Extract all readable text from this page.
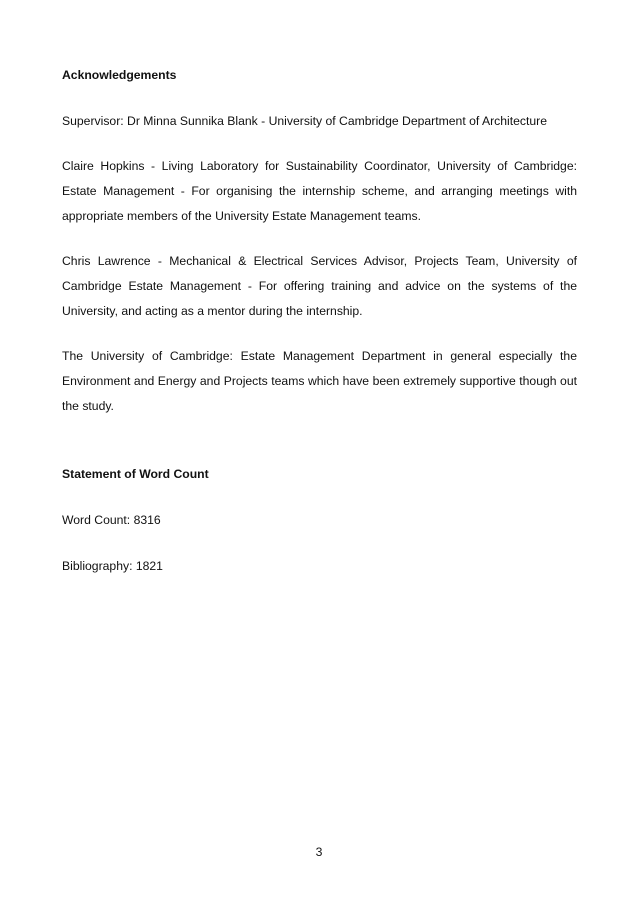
Acknowledgements

Supervisor: Dr Minna Sunnika Blank - University of Cambridge Department of Architecture

Claire Hopkins - Living Laboratory for Sustainability Coordinator, University of Cambridge: Estate Management - For organising the internship scheme, and arranging meetings with appropriate members of the University Estate Management teams.

Chris Lawrence - Mechanical & Electrical Services Advisor, Projects Team, University of Cambridge Estate Management - For offering training and advice on the systems of the University, and acting as a mentor during the internship.

The University of Cambridge: Estate Management Department in general especially the Environment and Energy and Projects teams which have been extremely supportive though out the study.

Statement of Word Count

Word Count: 8316

Bibliography: 1821

3
